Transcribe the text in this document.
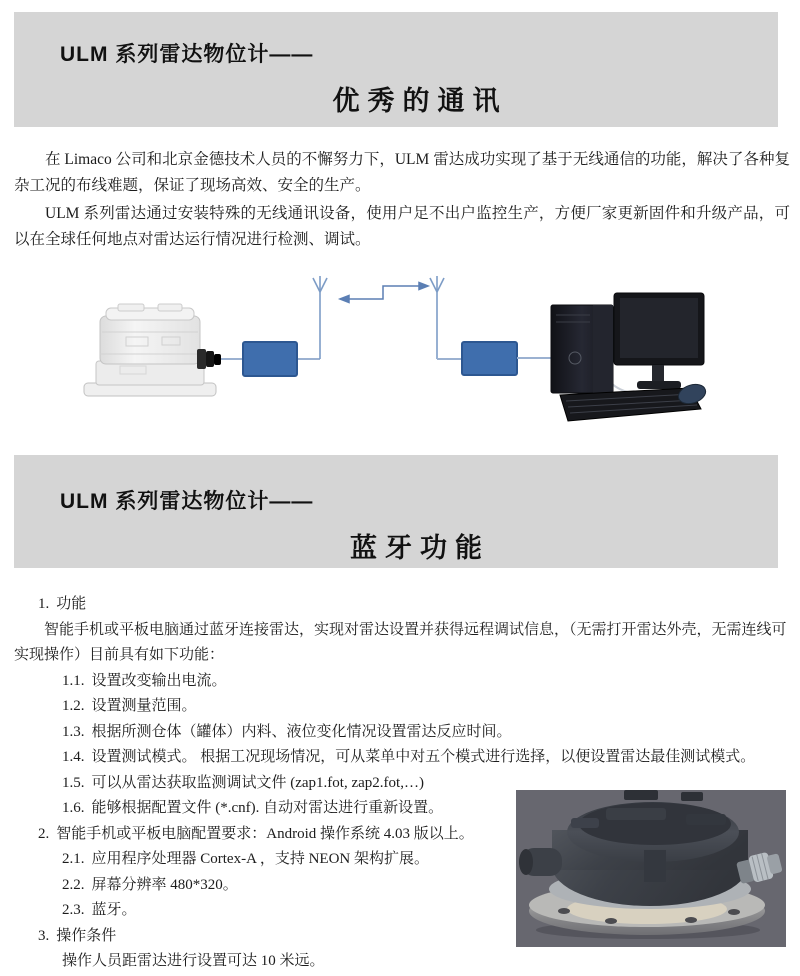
ULM 系列雷达物位计——
优秀的通讯

在 Limaco 公司和北京金德技术人员的不懈努力下，ULM 雷达成功实现了基于无线通信的功能，解决了各种复杂工况的布线难题，保证了现场高效、安全的生产。

ULM 系列雷达通过安装特殊的无线通讯设备，使用户足不出户监控生产，方便厂家更新固件和升级产品，可以在全球任何地点对雷达运行情况进行检测、调试。

ULM 系列雷达物位计——
蓝牙功能
1. 功能
智能手机或平板电脑通过蓝牙连接雷达，实现对雷达设置并获得远程调试信息，（无需打开雷达外壳，无需连线可实现操作）目前具有如下功能：
1.1. 设置改变输出电流。
1.2. 设置测量范围。
1.3. 根据所测仓体（罐体）内料、液位变化情况设置雷达反应时间。
1.4. 设置测试模式。 根据工况现场情况，可从菜单中对五个模式进行选择，以便设置雷达最佳测试模式。
1.5. 可以从雷达获取监测调试文件 (zap1.fot, zap2.fot,…)
1.6. 能够根据配置文件 (*.cnf). 自动对雷达进行重新设置。
2. 智能手机或平板电脑配置要求：Android 操作系统 4.03 版以上。
2.1. 应用程序处理器 Cortex-A ，支持 NEON 架构扩展。
2.2. 屏幕分辨率 480*320。
2.3. 蓝牙。
3. 操作条件
操作人员距雷达进行设置可达 10 米远。
